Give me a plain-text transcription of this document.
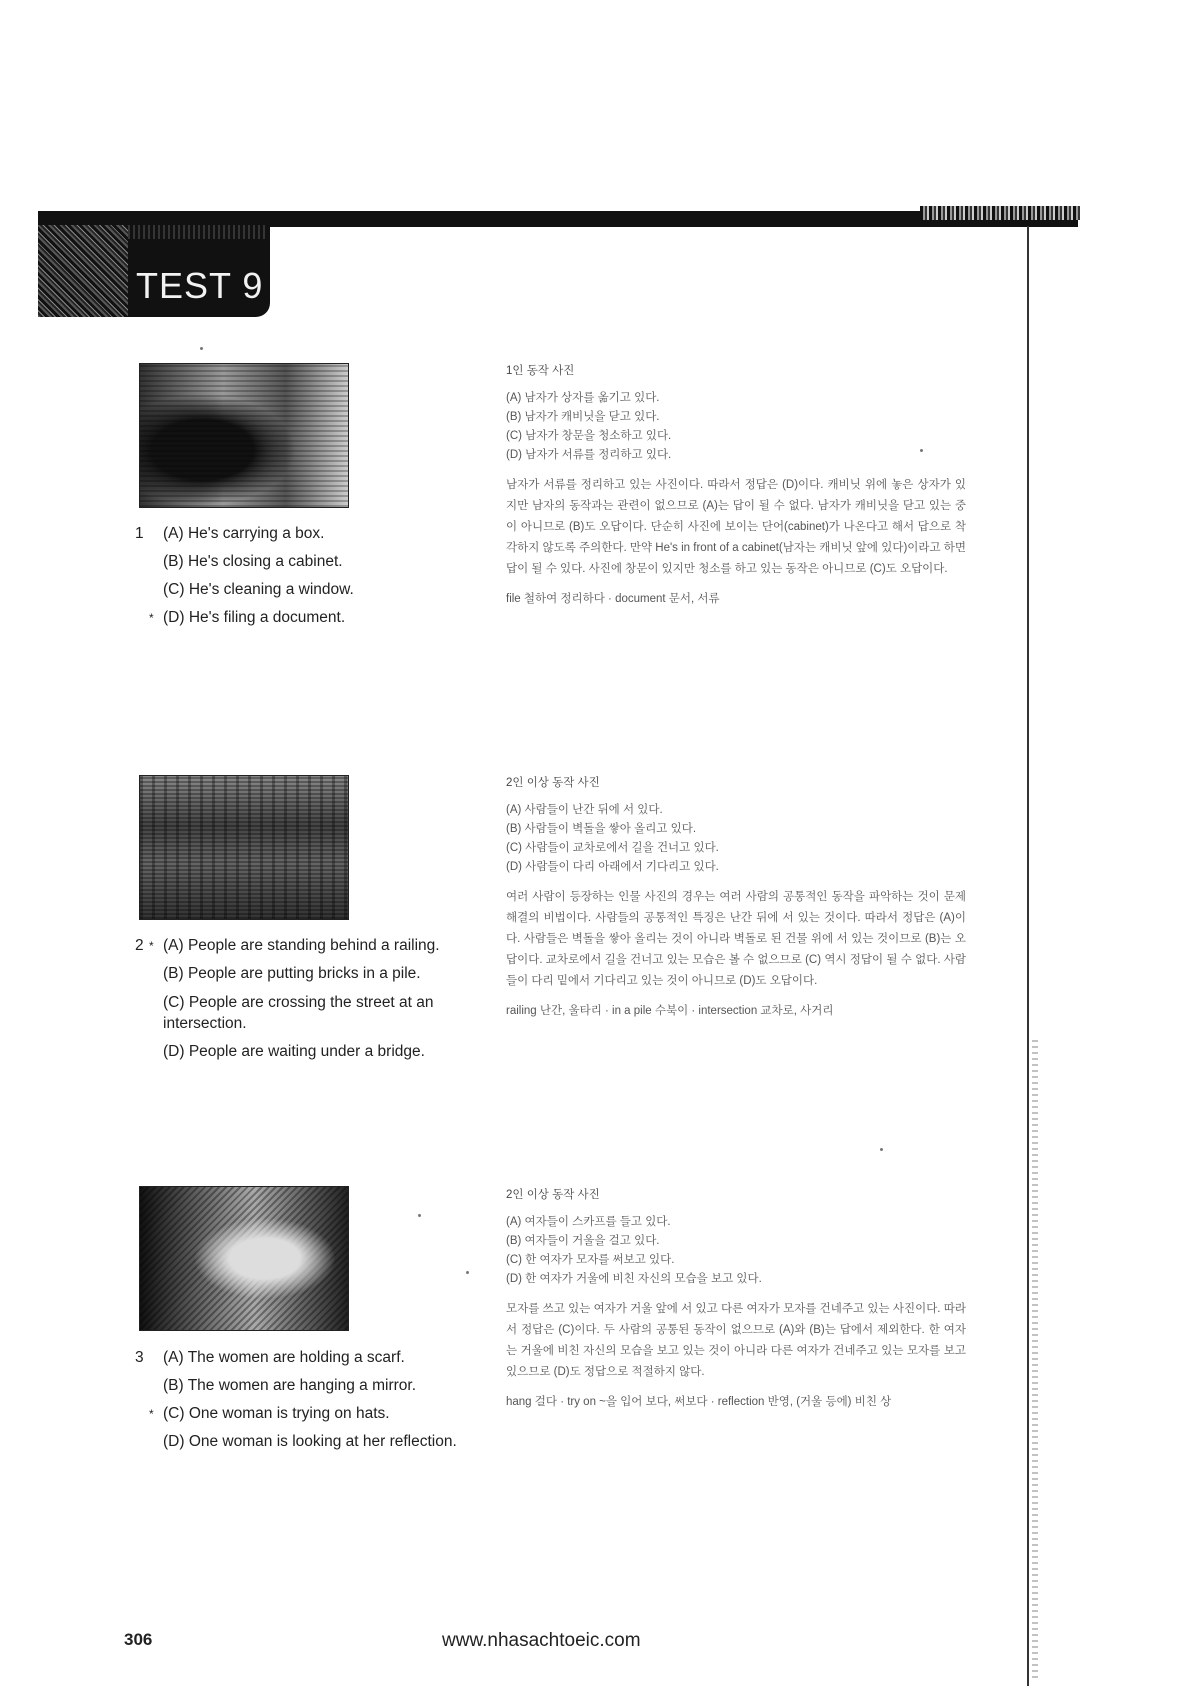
TEST 9
1 (A) He's carrying a box.
(B) He's closing a cabinet.
(C) He's cleaning a window.
* (D) He's filing a document.
2 * (A) People are standing behind a railing.
(B) People are putting bricks in a pile.
(C) People are crossing the street at an intersection.
(D) People are waiting under a bridge.
3 (A) The women are holding a scarf.
(B) The women are hanging a mirror.
* (C) One woman is trying on hats.
(D) One woman is looking at her reflection.
1인 동작 사진

(A) 남자가 상자를 옮기고 있다.

(B) 남자가 캐비닛을 닫고 있다.

(C) 남자가 창문을 청소하고 있다.

(D) 남자가 서류를 정리하고 있다.

남자가 서류를 정리하고 있는 사진이다. 따라서 정답은 (D)이다. 캐비닛 위에 놓은 상자가 있지만 남자의 동작과는 관련이 없으므로 (A)는 답이 될 수 없다. 남자가 캐비닛을 닫고 있는 중이 아니므로 (B)도 오답이다. 단순히 사진에 보이는 단어(cabinet)가 나온다고 해서 답으로 착각하지 않도록 주의한다. 만약 He's in front of a cabinet(남자는 캐비닛 앞에 있다)이라고 하면 답이 될 수 있다. 사진에 창문이 있지만 청소를 하고 있는 동작은 아니므로 (C)도 오답이다.
file 철하여 정리하다 · document 문서, 서류
2인 이상 동작 사진

(A) 사람들이 난간 뒤에 서 있다.

(B) 사람들이 벽돌을 쌓아 올리고 있다.

(C) 사람들이 교차로에서 길을 건너고 있다.

(D) 사람들이 다리 아래에서 기다리고 있다.

여러 사람이 등장하는 인물 사진의 경우는 여러 사람의 공통적인 동작을 파악하는 것이 문제 해결의 비법이다. 사람들의 공통적인 특징은 난간 뒤에 서 있는 것이다. 따라서 정답은 (A)이다. 사람들은 벽돌을 쌓아 올리는 것이 아니라 벽돌로 된 건물 위에 서 있는 것이므로 (B)는 오답이다. 교차로에서 길을 건너고 있는 모습은 볼 수 없으므로 (C) 역시 정답이 될 수 없다. 사람들이 다리 밑에서 기다리고 있는 것이 아니므로 (D)도 오답이다.
railing 난간, 울타리 · in a pile 수북이 · intersection 교차로, 사거리
2인 이상 동작 사진

(A) 여자들이 스카프를 들고 있다.

(B) 여자들이 거울을 걸고 있다.

(C) 한 여자가 모자를 써보고 있다.

(D) 한 여자가 거울에 비친 자신의 모습을 보고 있다.

모자를 쓰고 있는 여자가 거울 앞에 서 있고 다른 여자가 모자를 건네주고 있는 사진이다. 따라서 정답은 (C)이다. 두 사람의 공통된 동작이 없으므로 (A)와 (B)는 답에서 제외한다. 한 여자는 거울에 비친 자신의 모습을 보고 있는 것이 아니라 다른 여자가 건네주고 있는 모자를 보고 있으므로 (D)도 정답으로 적절하지 않다.
hang 걸다 · try on ~을 입어 보다, 써보다 · reflection 반영, (거울 등에) 비친 상
306	www.nhasachtoeic.com
